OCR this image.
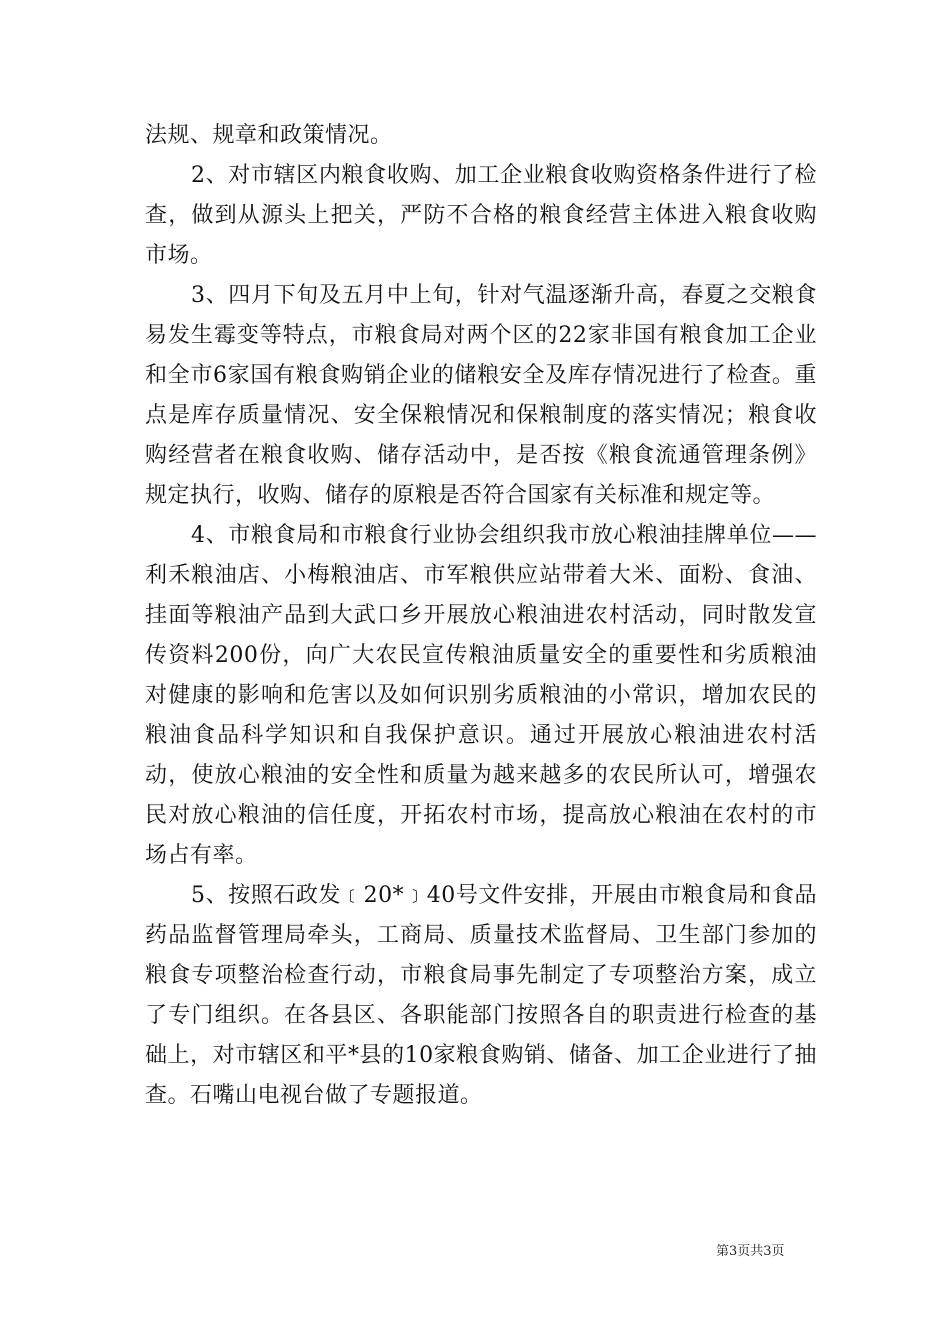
法规、规章和政策情况。

2、对市辖区内粮食收购、加工企业粮食收购资格条件进行了检查，做到从源头上把关，严防不合格的粮食经营主体进入粮食收购市场。

3、四月下旬及五月中上旬，针对气温逐渐升高，春夏之交粮食易发生霉变等特点，市粮食局对两个区的22家非国有粮食加工企业和全市6家国有粮食购销企业的储粮安全及库存情况进行了检查。重点是库存质量情况、安全保粮情况和保粮制度的落实情况；粮食收购经营者在粮食收购、储存活动中，是否按《粮食流通管理条例》规定执行，收购、储存的原粮是否符合国家有关标准和规定等。

4、市粮食局和市粮食行业协会组织我市放心粮油挂牌单位——利禾粮油店、小梅粮油店、市军粮供应站带着大米、面粉、食油、挂面等粮油产品到大武口乡开展放心粮油进农村活动，同时散发宣传资料200份，向广大农民宣传粮油质量安全的重要性和劣质粮油对健康的影响和危害以及如何识别劣质粮油的小常识，增加农民的粮油食品科学知识和自我保护意识。通过开展放心粮油进农村活动，使放心粮油的安全性和质量为越来越多的农民所认可，增强农民对放心粮油的信任度，开拓农村市场，提高放心粮油在农村的市场占有率。

5、按照石政发﹝20*﹞40号文件安排，开展由市粮食局和食品药品监督管理局牵头，工商局、质量技术监督局、卫生部门参加的粮食专项整治检查行动，市粮食局事先制定了专项整治方案，成立了专门组织。在各县区、各职能部门按照各自的职责进行检查的基础上，对市辖区和平*县的10家粮食购销、储备、加工企业进行了抽查。石嘴山电视台做了专题报道。

第3页共3页
